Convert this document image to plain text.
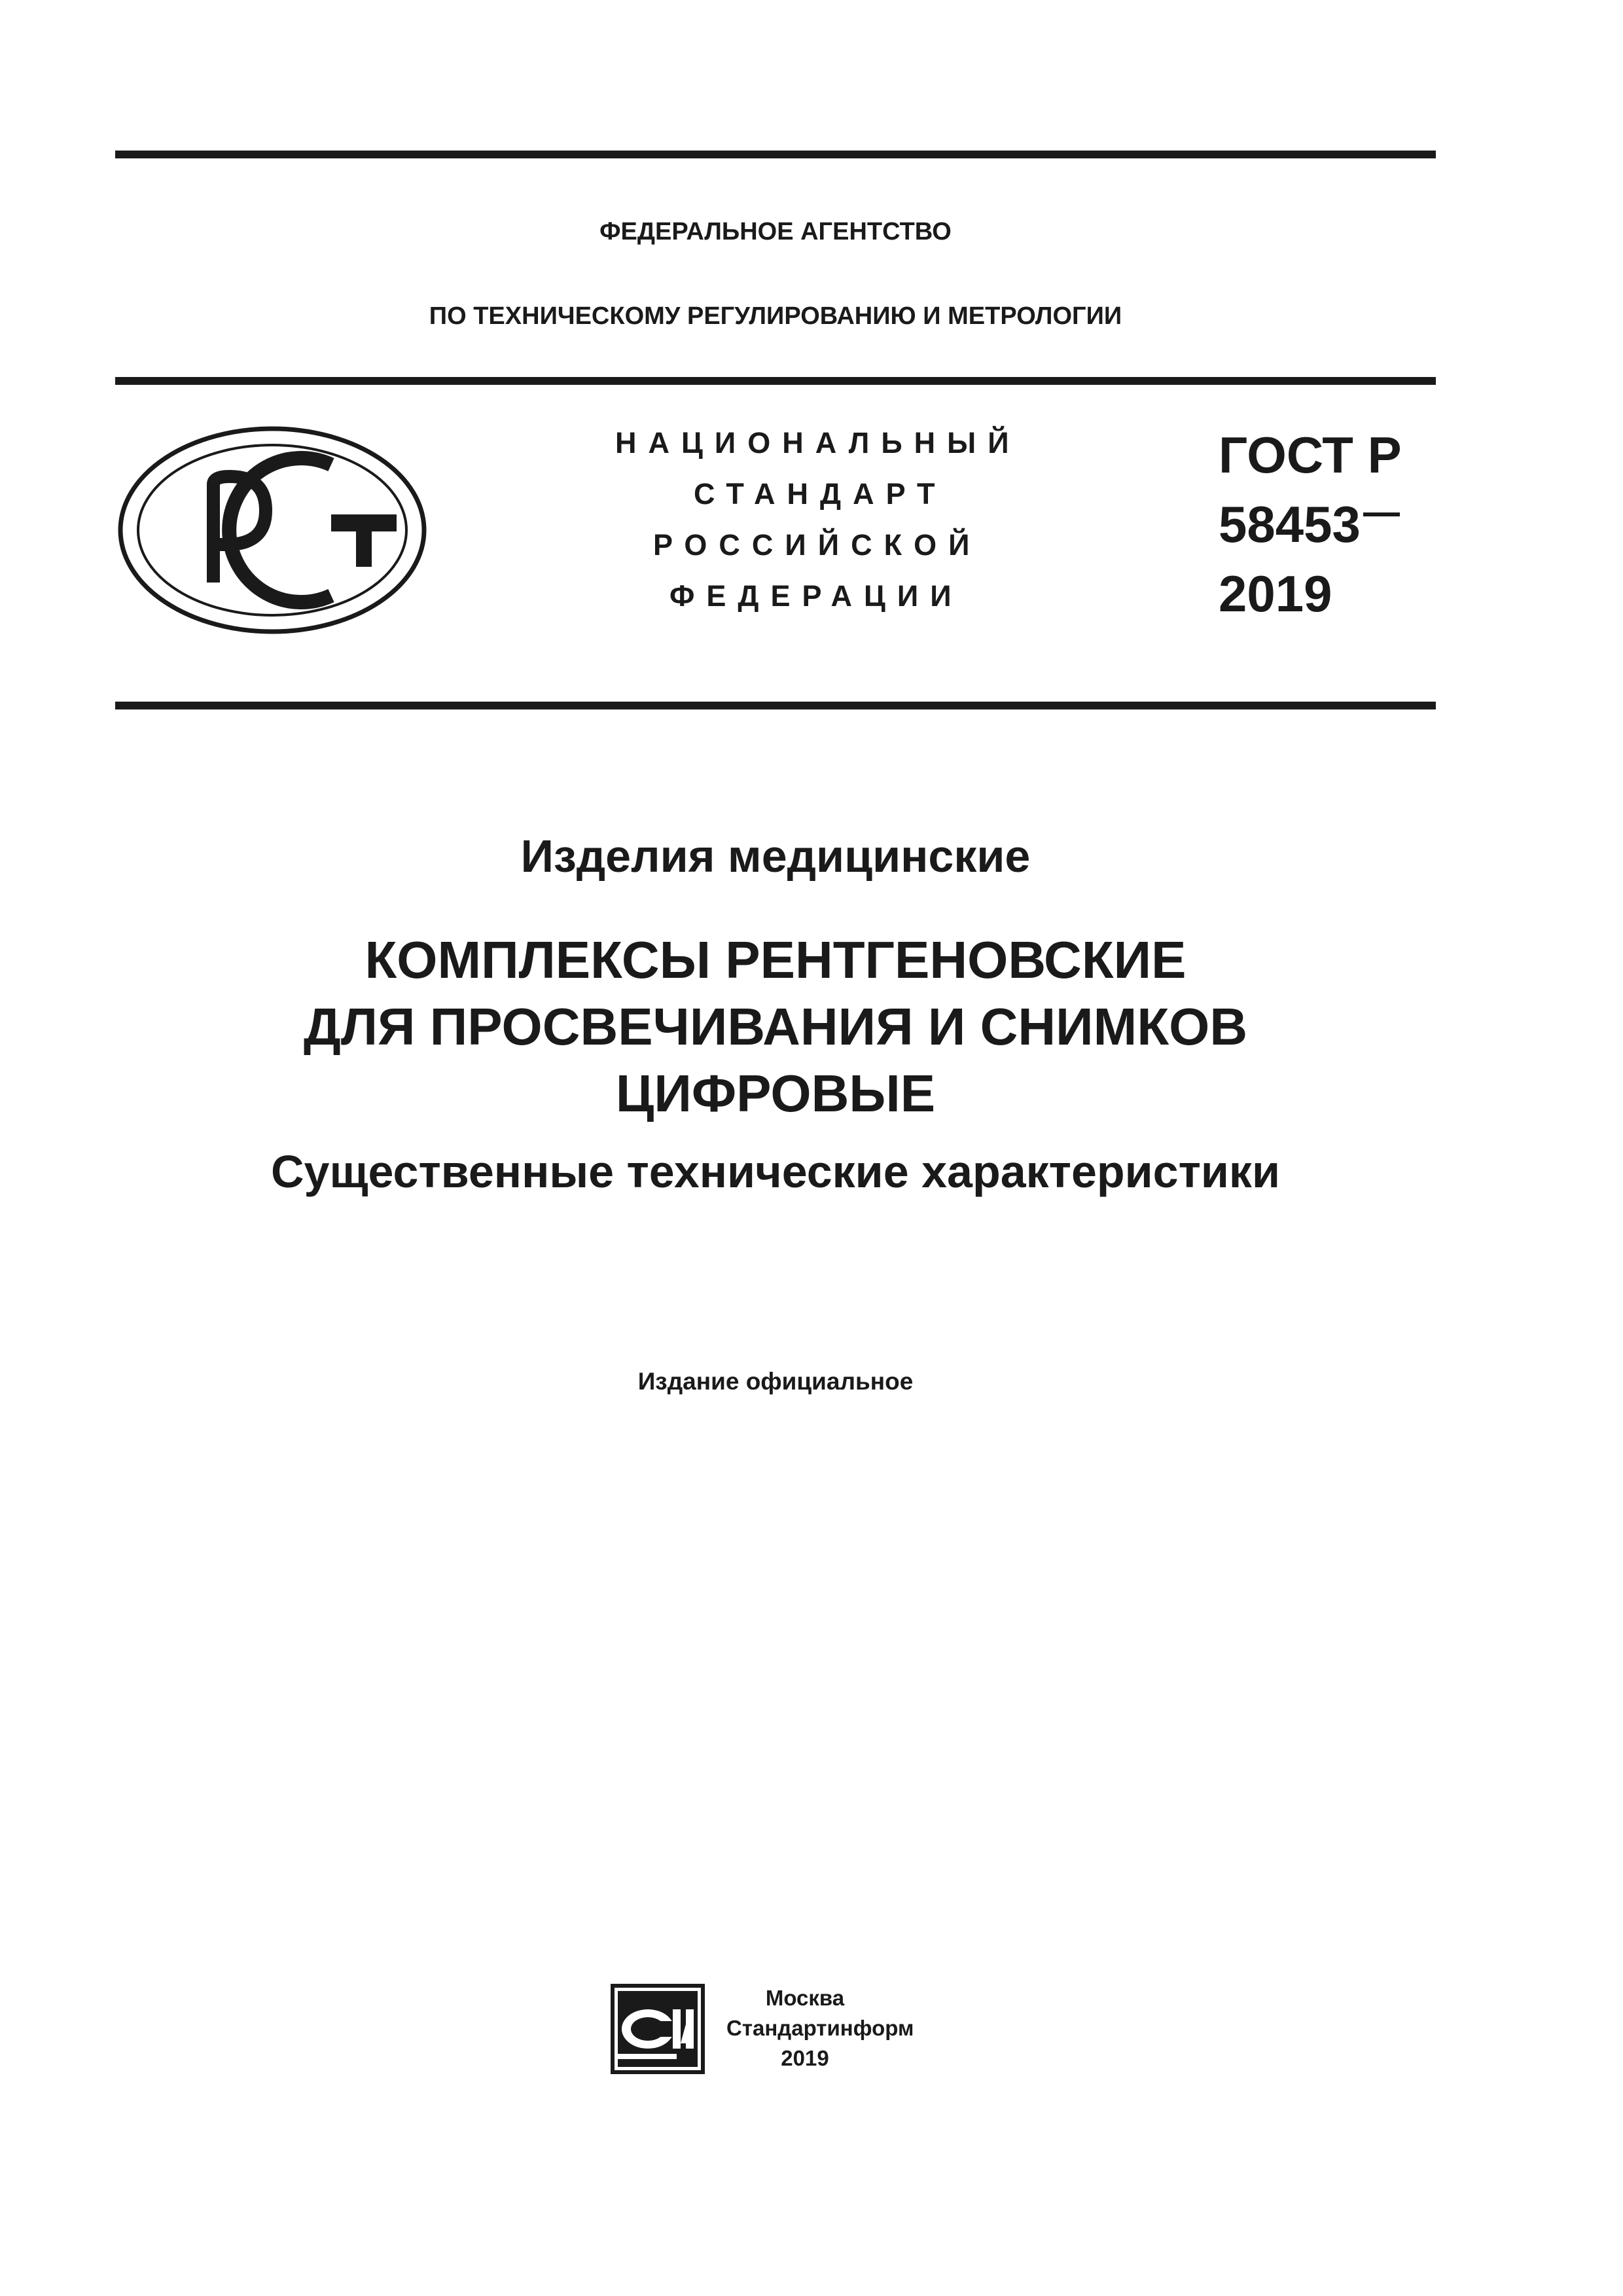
ФЕДЕРАЛЬНОЕ АГЕНТСТВО
ПО ТЕХНИЧЕСКОМУ РЕГУЛИРОВАНИЮ И МЕТРОЛОГИИ
НАЦИОНАЛЬНЫЙ
СТАНДАРТ
РОССИЙСКОЙ
ФЕДЕРАЦИИ
ГОСТ Р
58453
2019
Изделия медицинские
КОМПЛЕКСЫ РЕНТГЕНОВСКИЕ
ДЛЯ ПРОСВЕЧИВАНИЯ И СНИМКОВ
ЦИФРОВЫЕ
Существенные технические характеристики
Издание официальное
Москва
Стандартинформ
2019
